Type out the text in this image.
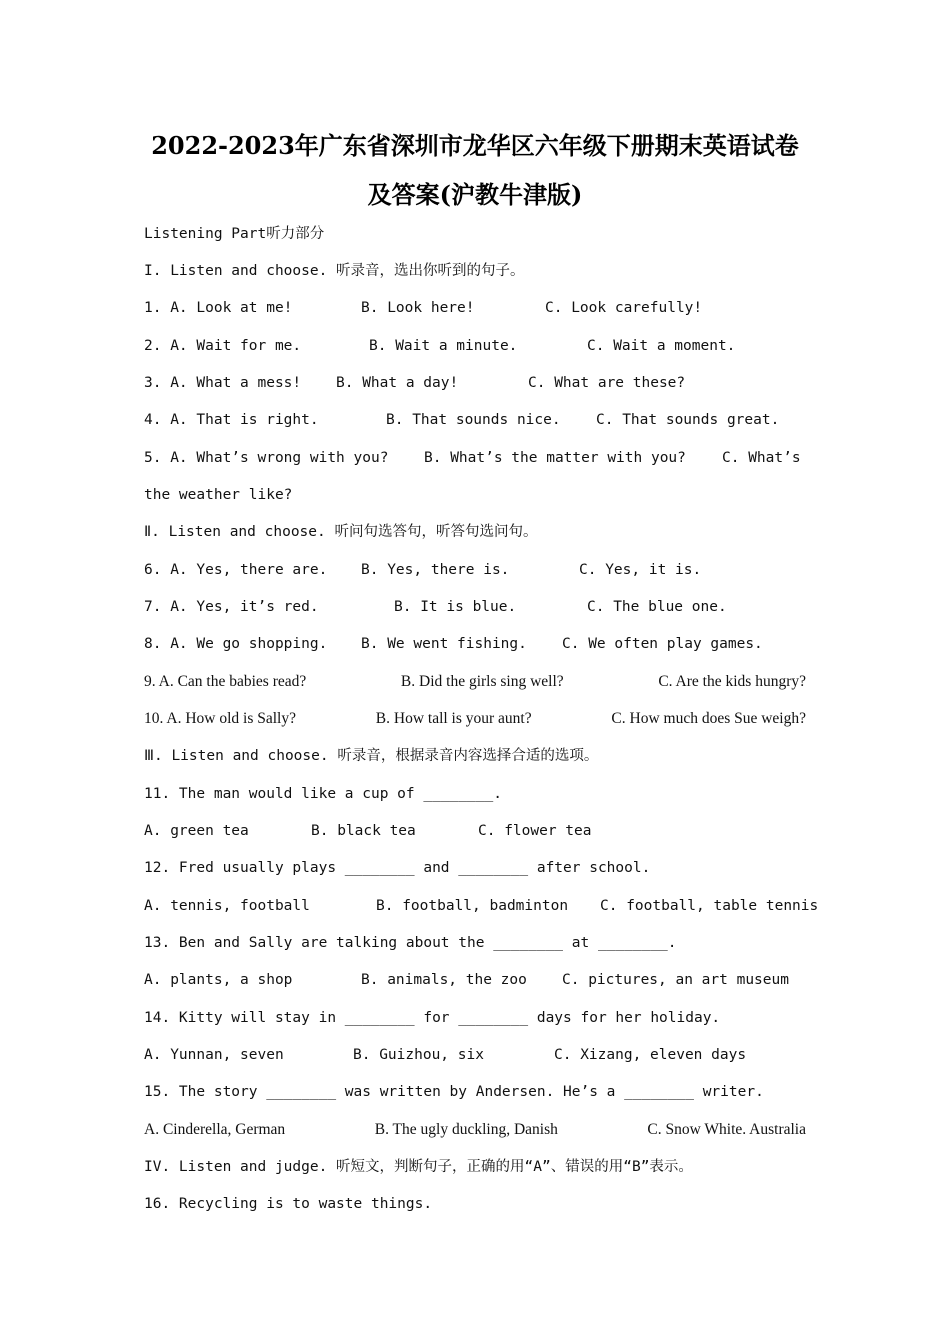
2022-2023年广东省深圳市龙华区六年级下册期末英语试卷
及答案(沪教牛津版)
Listening Part听力部分
I. Listen and choose. 听录音，选出你听到的句子。
1. A. Look at me!	B. Look here!	C. Look carefully!
2. A. Wait for me.	B. Wait a minute.	C. Wait a moment.
3. A. What a mess! B. What a day!	C. What are these?
4. A. That is right.	B. That sounds nice. C. That sounds great.
5. A. What’s wrong with you? B. What’s the matter with you? C. What’s
the weather like?
Ⅱ. Listen and choose. 听问句选答句，听答句选问句。
6. A. Yes, there are. B. Yes, there is.	C. Yes, it is.
7. A. Yes, it’s red.	B. It is blue.	C. The blue one.
8. A. We go shopping. B. We went fishing. C. We often play games.
9. A. Can the babies read?	B. Did the girls sing well?	C. Are the kids hungry?
10. A. How old is Sally?	B. How tall is your aunt?	C. How much does Sue weigh?
Ⅲ. Listen and choose. 听录音，根据录音内容选择合适的选项。
11. The man would like a cup of ________.
A. green tea	B. black tea	C. flower tea
12. Fred usually plays ________ and ________ after school.
A. tennis, football	B. football, badminton C. football, table tennis
13. Ben and Sally are talking about the ________ at ________.
A. plants, a shop	B. animals, the zoo C. pictures, an art museum
14. Kitty will stay in ________ for ________ days for her holiday.
A. Yunnan, seven	B. Guizhou, six	C. Xizang, eleven days
15. The story ________ was written by Andersen. He’s a ________ writer.
A. Cinderella, German	B. The ugly duckling, Danish	C. Snow White. Australia
IV. Listen and judge. 听短文，判断句子，正确的用“A”、错误的用“B”表示。
16. Recycling is to waste things.
